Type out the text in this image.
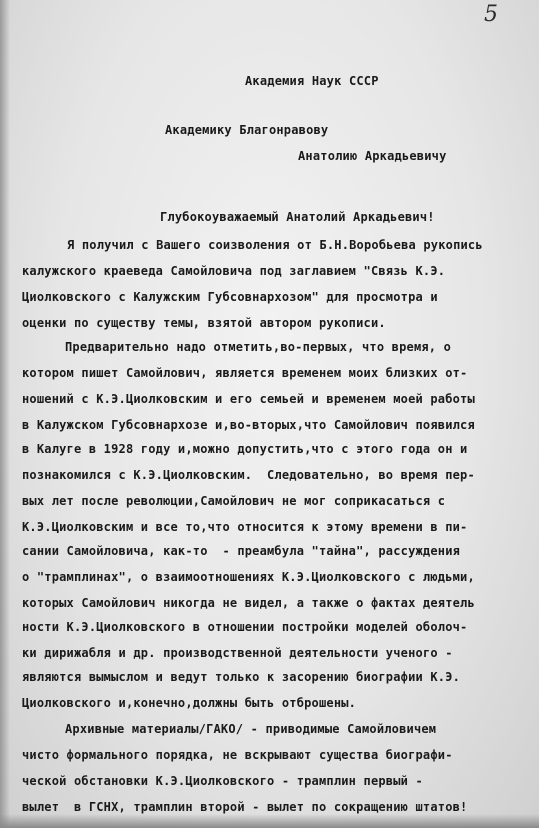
5
Академия Наук СССР
Академику Благонравову
Анатолию Аркадьевичу
Глубокоуважаемый Анатолий Аркадьевич!
Я получил с Вашего соизволения от Б.Н.Воробьева рукопись
калужского краеведа Самойловича под заглавием "Связь К.Э.
Циолковского с Калужским Губсовнархозом" для просмотра и
оценки по существу темы, взятой автором рукописи.
Предварительно надо отметить,во-первых, что время, о
котором пишет Самойлович, является временем моих близких от-
ношений с К.Э.Циолковским и его семьей и временем моей работы
в Калужском Губсовнархозе и,во-вторых,что Самойлович появился
в Калуге в 1928 году и,можно допустить,что с этого года он и
познакомился с К.Э.Циолковским.  Следовательно, во время пер-
вых лет после революции,Самойлович не мог соприкасаться с
К.Э.Циолковским и все то,что относится к этому времени в пи-
сании Самойловича, как-то  - преамбула "тайна", рассуждения
о "трамплинах", о взаимоотношениях К.Э.Циолковского с людьми,
которых Самойлович никогда не видел, а также о фактах деятель
ности К.Э.Циолковского в отношении постройки моделей оболоч-
ки дирижабля и др. производственной деятельности ученого -
являются вымыслом и ведут только к засорению биографии К.Э.
Циолковского и,конечно,должны быть отброшены.
Архивные материалы/ГАКО/ - приводимые Самойловичем
чисто формального порядка, не вскрывают существа биографи-
ческой обстановки К.Э.Циолковского - трамплин первый -
вылет  в ГСНХ, трамплин второй - вылет по сокращению штатов!
